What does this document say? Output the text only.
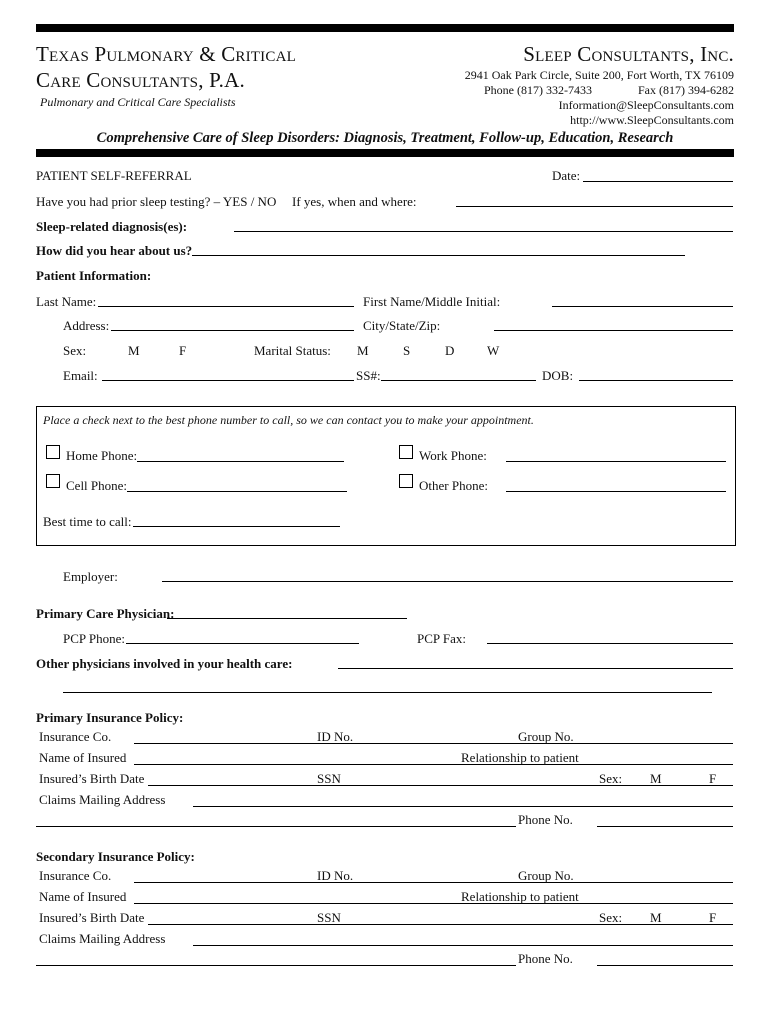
Texas Pulmonary & Critical
Care Consultants, P.A.
Pulmonary and Critical Care Specialists
Sleep Consultants, Inc.
2941 Oak Park Circle, Suite 200, Fort Worth, TX 76109
Phone (817) 332-7433	Fax (817) 394-6282
Information@SleepConsultants.com
http://www.SleepConsultants.com
Comprehensive Care of Sleep Disorders: Diagnosis, Treatment, Follow-up, Education, Research
PATIENT SELF-REFERRAL	Date:
Have you had prior sleep testing? – YES / NO If yes, when and where:
Sleep-related diagnosis(es):
How did you hear about us?
Patient Information:
Last Name:	First Name/Middle Initial:
Address:	City/State/Zip:
Sex:	M	F	Marital Status: M	S	D	W
Email:	SS#:	DOB:
Place a check next to the best phone number to call, so we can contact you to make your appointment.
Home Phone:	Work Phone:
Cell Phone:	Other Phone:
Best time to call:
Employer:
Primary Care Physician:
PCP Phone:	PCP Fax:
Other physicians involved in your health care:
Primary Insurance Policy:
Insurance Co.	ID No.	Group No.
Name of Insured	Relationship to patient
Insured’s Birth Date	SSN	Sex: M	F
Claims Mailing Address
Phone No.
Secondary Insurance Policy:
Insurance Co.	ID No.	Group No.
Name of Insured	Relationship to patient
Insured’s Birth Date	SSN	Sex: M	F
Claims Mailing Address
Phone No.
